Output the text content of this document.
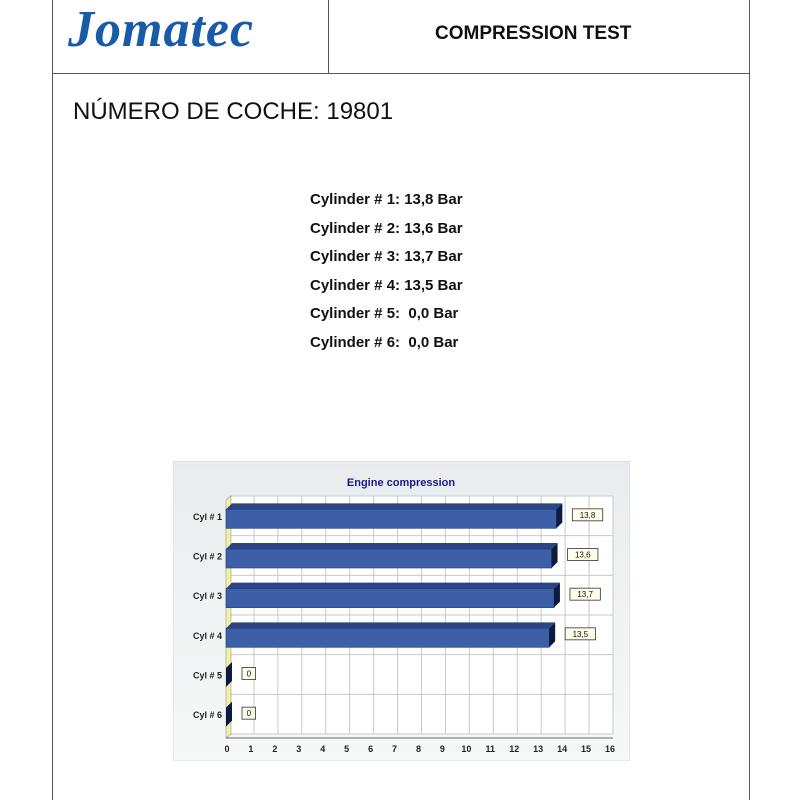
Jomatec	COMPRESSION TEST
NÚMERO DE COCHE: 19801
Cylinder # 1: 13,8 Bar
Cylinder # 2: 13,6 Bar
Cylinder # 3: 13,7 Bar
Cylinder # 4: 13,5 Bar
Cylinder # 5:  0,0 Bar
Cylinder # 6:  0,0 Bar
Engine compression
0 1 2 3 4 5 6 7 8 9 10 11 12 13 14 15 16
Cyl # 1	13,8
Cyl # 2	13,6
Cyl # 3	13,7
Cyl # 4	13,5
Cyl # 5	0
Cyl # 6	0
